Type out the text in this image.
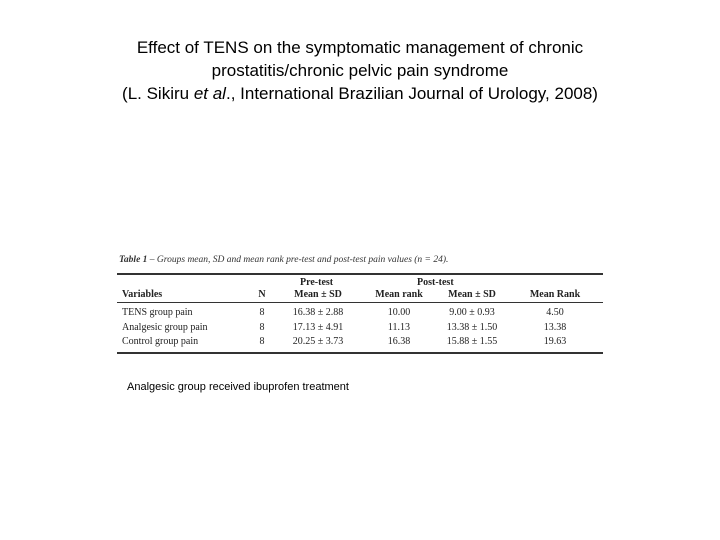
Effect of TENS on the symptomatic management of chronic
prostatitis/chronic pelvic pain syndrome
(L. Sikiru et al., International Brazilian Journal of Urology, 2008)
Table 1 – Groups mean, SD and mean rank pre-test and post-test pain values (n = 24).
Pre-test	Post-test
Variables	N	Mean ± SD	Mean rank	Mean ± SD	Mean Rank
TENS group pain	8	16.38 ± 2.88	10.00	9.00 ± 0.93	4.50
Analgesic group pain	8	17.13 ± 4.91	11.13	13.38 ± 1.50	13.38
Control group pain	8	20.25 ± 3.73	16.38	15.88 ± 1.55	19.63
Analgesic group received ibuprofen treatment
